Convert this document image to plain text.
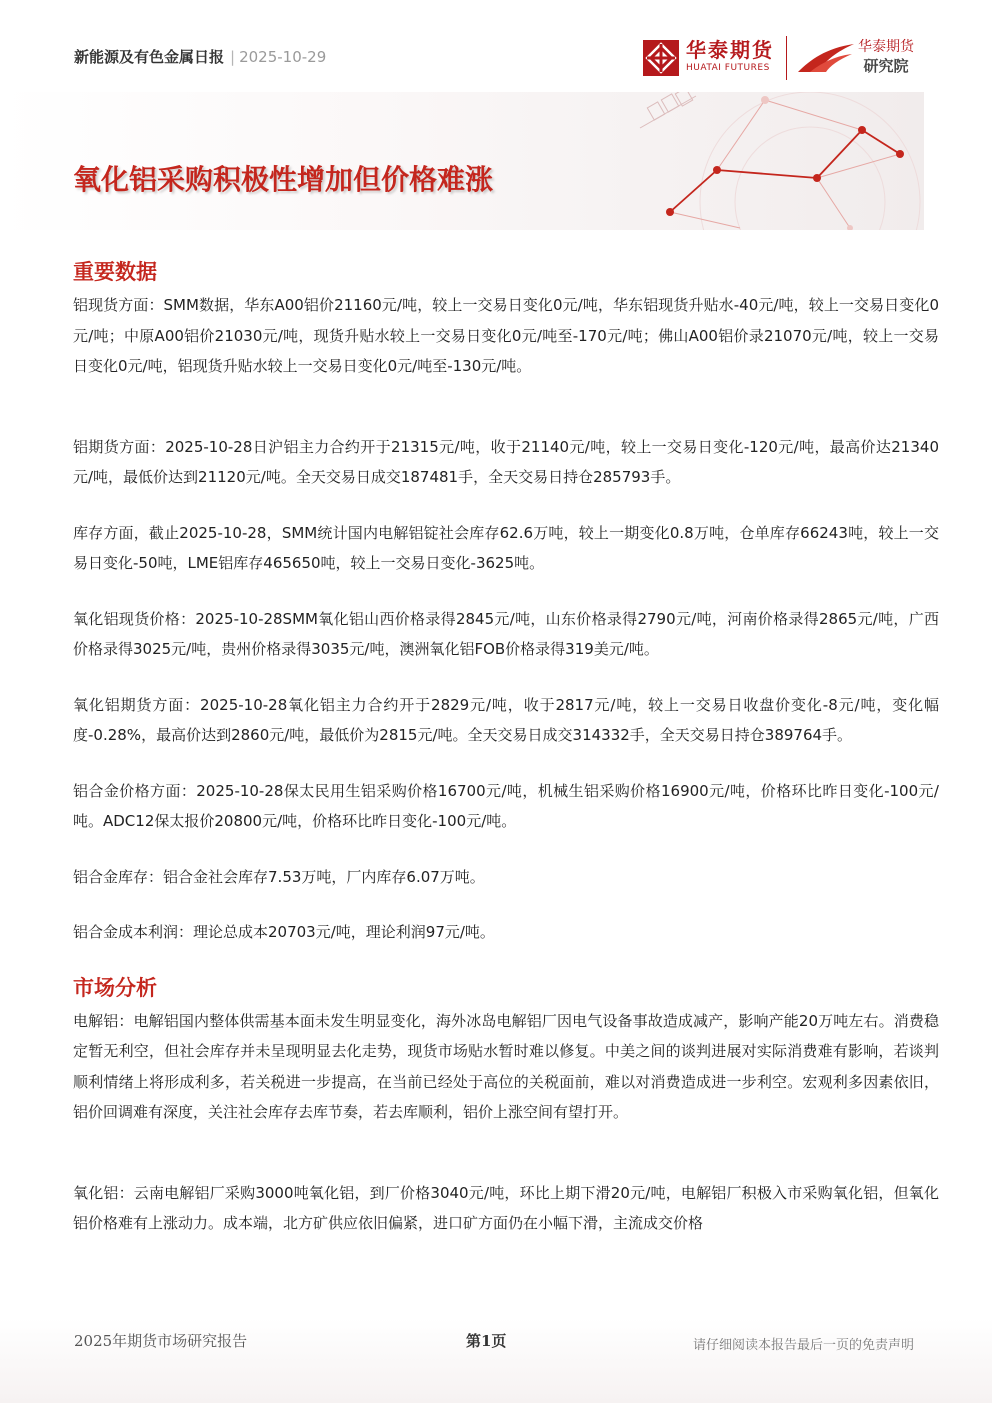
新能源及有色金属日报 | 2025-10-29	华泰期货
HUATAI FUTURES
华泰期货
研究院
氧化铝采购积极性增加但价格难涨
重要数据

铝现货方面：SMM数据，华东A00铝价21160元/吨，较上一交易日变化0元/吨，华东铝现货升贴水-40元/吨，较上一交易日变化0元/吨；中原A00铝价21030元/吨，现货升贴水较上一交易日变化0元/吨至-170元/吨；佛山A00铝价录21070元/吨，较上一交易日变化0元/吨，铝现货升贴水较上一交易日变化0元/吨至-130元/吨。

铝期货方面：2025-10-28日沪铝主力合约开于21315元/吨，收于21140元/吨，较上一交易日变化-120元/吨，最高价达21340元/吨，最低价达到21120元/吨。全天交易日成交187481手，全天交易日持仓285793手。

库存方面，截止2025-10-28，SMM统计国内电解铝锭社会库存62.6万吨，较上一期变化0.8万吨，仓单库存66243吨，较上一交易日变化-50吨，LME铝库存465650吨，较上一交易日变化-3625吨。

氧化铝现货价格：2025-10-28SMM氧化铝山西价格录得2845元/吨，山东价格录得2790元/吨，河南价格录得2865元/吨，广西价格录得3025元/吨，贵州价格录得3035元/吨，澳洲氧化铝FOB价格录得319美元/吨。

氧化铝期货方面：2025-10-28氧化铝主力合约开于2829元/吨，收于2817元/吨，较上一交易日收盘价变化-8元/吨，变化幅度-0.28%，最高价达到2860元/吨，最低价为2815元/吨。全天交易日成交314332手，全天交易日持仓389764手。

铝合金价格方面：2025-10-28保太民用生铝采购价格16700元/吨，机械生铝采购价格16900元/吨，价格环比昨日变化-100元/吨。ADC12保太报价20800元/吨，价格环比昨日变化-100元/吨。

铝合金库存：铝合金社会库存7.53万吨，厂内库存6.07万吨。

铝合金成本利润：理论总成本20703元/吨，理论利润97元/吨。

市场分析

电解铝：电解铝国内整体供需基本面未发生明显变化，海外冰岛电解铝厂因电气设备事故造成减产，影响产能20万吨左右。消费稳定暂无利空，但社会库存并未呈现明显去化走势，现货市场贴水暂时难以修复。中美之间的谈判进展对实际消费难有影响，若谈判顺利情绪上将形成利多，若关税进一步提高，在当前已经处于高位的关税面前，难以对消费造成进一步利空。宏观利多因素依旧，铝价回调难有深度，关注社会库存去库节奏，若去库顺利，铝价上涨空间有望打开。

氧化铝：云南电解铝厂采购3000吨氧化铝，到厂价格3040元/吨，环比上期下滑20元/吨，电解铝厂积极入市采购氧化铝，但氧化铝价格难有上涨动力。成本端，北方矿供应依旧偏紧，进口矿方面仍在小幅下滑，主流成交价格

2025年期货市场研究报告	第1页	请仔细阅读本报告最后一页的免责声明
